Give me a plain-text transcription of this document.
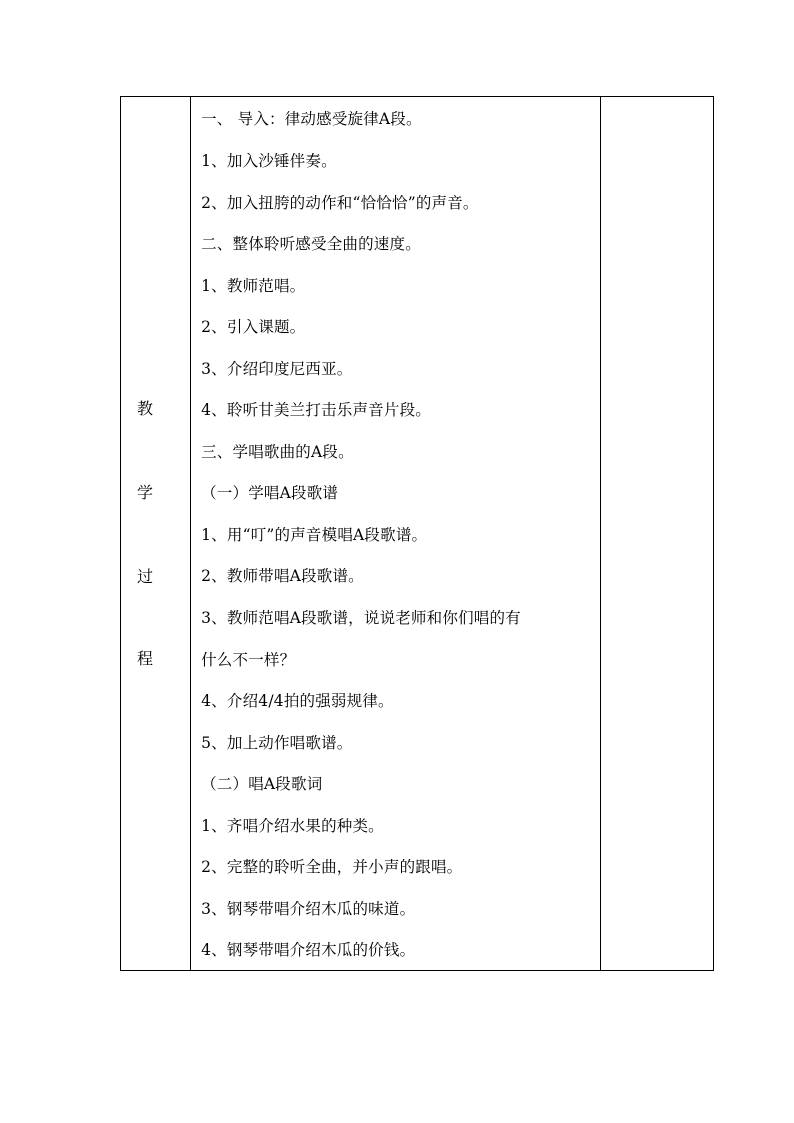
教
学
过
程

一、 导入：律动感受旋律A段。
1、加入沙锤伴奏。
2、加入扭胯的动作和“恰恰恰”的声音。
二、整体聆听感受全曲的速度。
1、教师范唱。
2、引入课题。
3、介绍印度尼西亚。
4、聆听甘美兰打击乐声音片段。
三、学唱歌曲的A段。
（一）学唱A段歌谱
1、用“叮”的声音模唱A段歌谱。
2、教师带唱A段歌谱。
3、教师范唱A段歌谱，说说老师和你们唱的有
什么不一样？
4、介绍4/4拍的强弱规律。
5、加上动作唱歌谱。
（二）唱A段歌词
1、齐唱介绍水果的种类。
2、完整的聆听全曲，并小声的跟唱。
3、钢琴带唱介绍木瓜的味道。
4、钢琴带唱介绍木瓜的价钱。
